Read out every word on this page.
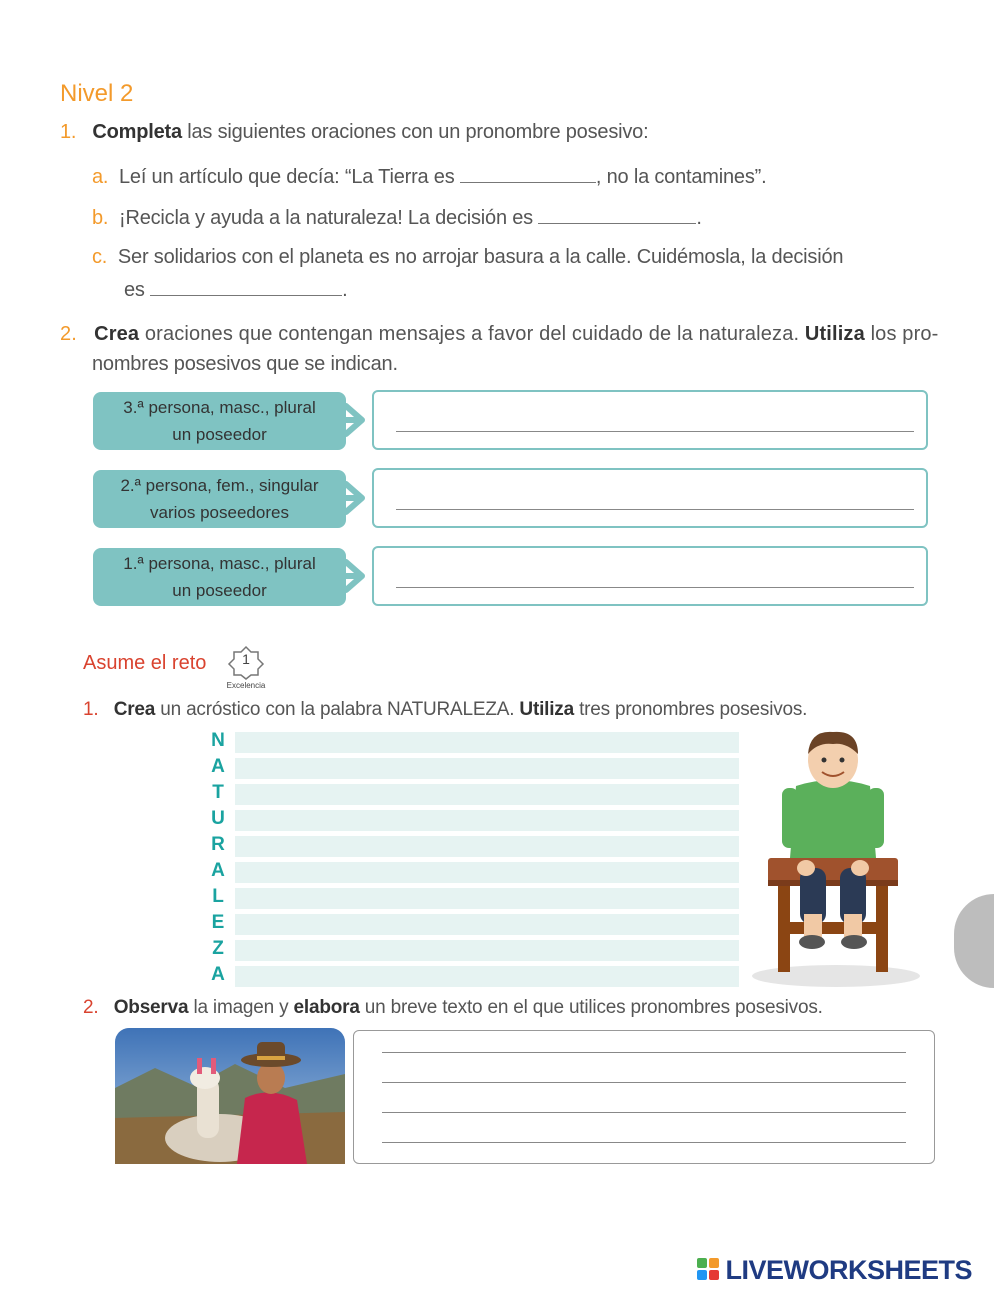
Nivel 2
1. Completa las siguientes oraciones con un pronombre posesivo:
a. Leí un artículo que decía: “La Tierra es	, no la contamines”.
b. ¡Recicla y ayuda a la naturaleza! La decisión es	.
c. Ser solidarios con el planeta es no arrojar basura a la calle. Cuidémosla, la decisión
es	.
2. Crea oraciones que contengan mensajes a favor del cuidado de la naturaleza. Utiliza los pro-
nombres posesivos que se indican.
3.ª persona, masc., plural
un poseedor
2.ª persona, fem., singular
varios poseedores
1.ª persona, masc., plural
un poseedor
Asume el reto	1
Excelencia
1. Crea un acróstico con la palabra NATURALEZA. Utiliza tres pronombres posesivos.
N
A
T
U
R
A
L
E
Z
A
2. Observa la imagen y elabora un breve texto en el que utilices pronombres posesivos.
LIVEWORKSHEETS
